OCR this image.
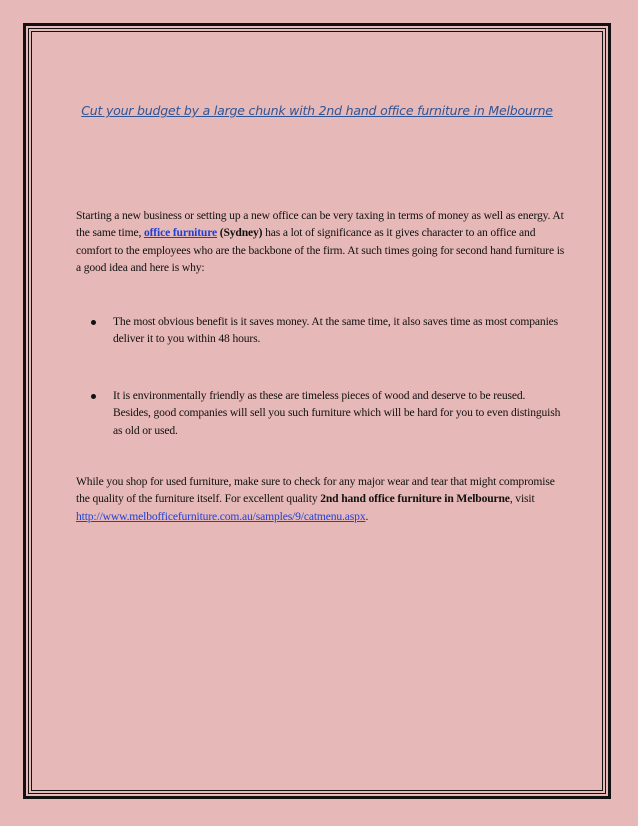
Cut your budget by a large chunk with 2nd hand office furniture in Melbourne
Starting a new business or setting up a new office can be very taxing in terms of money as well as energy. At the same time, office furniture (Sydney) has a lot of significance as it gives character to an office and comfort to the employees who are the backbone of the firm. At such times going for second hand furniture is a good idea and here is why:
The most obvious benefit is it saves money. At the same time, it also saves time as most companies deliver it to you within 48 hours.
It is environmentally friendly as these are timeless pieces of wood and deserve to be reused. Besides, good companies will sell you such furniture which will be hard for you to even distinguish as old or used.
While you shop for used furniture, make sure to check for any major wear and tear that might compromise the quality of the furniture itself. For excellent quality 2nd hand office furniture in Melbourne, visit http://www.melbofficefurniture.com.au/samples/9/catmenu.aspx.
